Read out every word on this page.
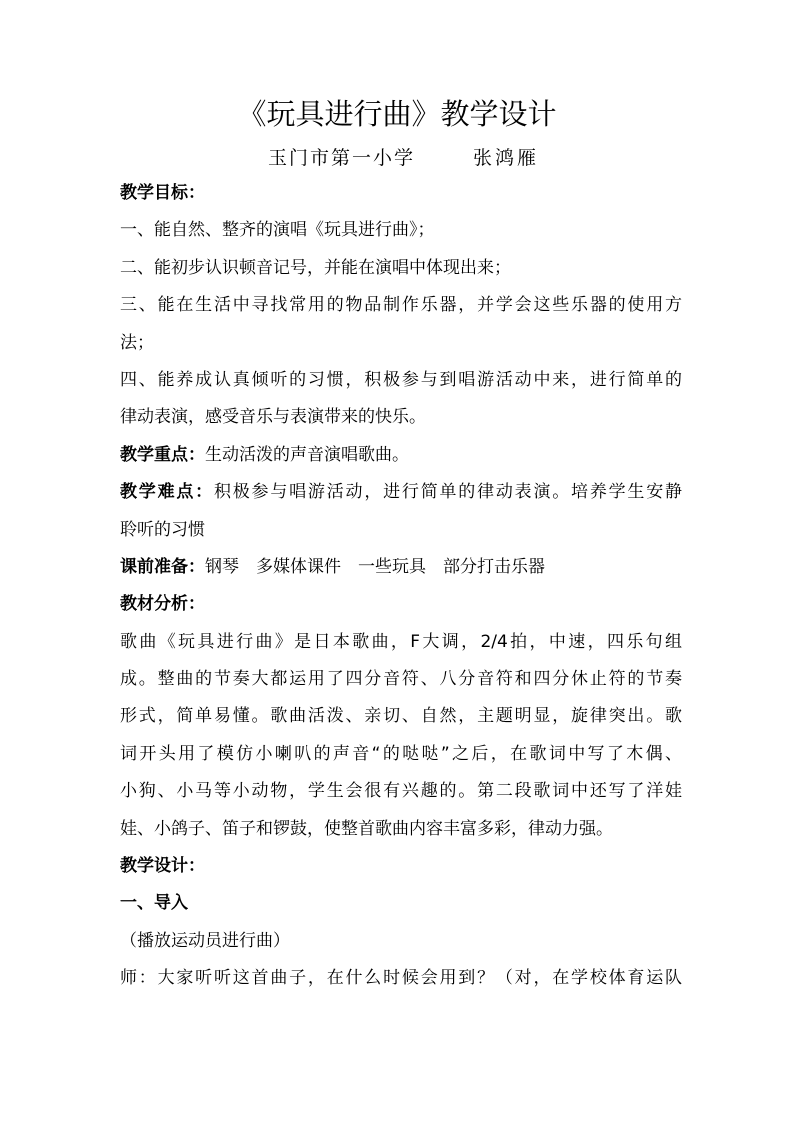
《玩具进行曲》教学设计
玉门市第一小学	张鸿雁
教学目标：
一、能自然、整齐的演唱《玩具进行曲》；
二、能初步认识顿音记号，并能在演唱中体现出来；
三、能在生活中寻找常用的物品制作乐器，并学会这些乐器的使用方
法；
四、能养成认真倾听的习惯，积极参与到唱游活动中来，进行简单的
律动表演，感受音乐与表演带来的快乐。
教学重点：生动活泼的声音演唱歌曲。
教学难点：积极参与唱游活动，进行简单的律动表演。培养学生安静
聆听的习惯
课前准备：钢琴　多媒体课件　一些玩具　部分打击乐器
教材分析：
歌曲《玩具进行曲》是日本歌曲，F大调，2/4拍，中速，四乐句组
成。整曲的节奏大都运用了四分音符、八分音符和四分休止符的节奏
形式，简单易懂。歌曲活泼、亲切、自然，主题明显，旋律突出。歌
词开头用了模仿小喇叭的声音“的哒哒”之后，在歌词中写了木偶、
小狗、小马等小动物，学生会很有兴趣的。第二段歌词中还写了洋娃
娃、小鸽子、笛子和锣鼓，使整首歌曲内容丰富多彩，律动力强。
教学设计：
一、导入
（播放运动员进行曲）
师：大家听听这首曲子，在什么时候会用到？（对，在学校体育运队
